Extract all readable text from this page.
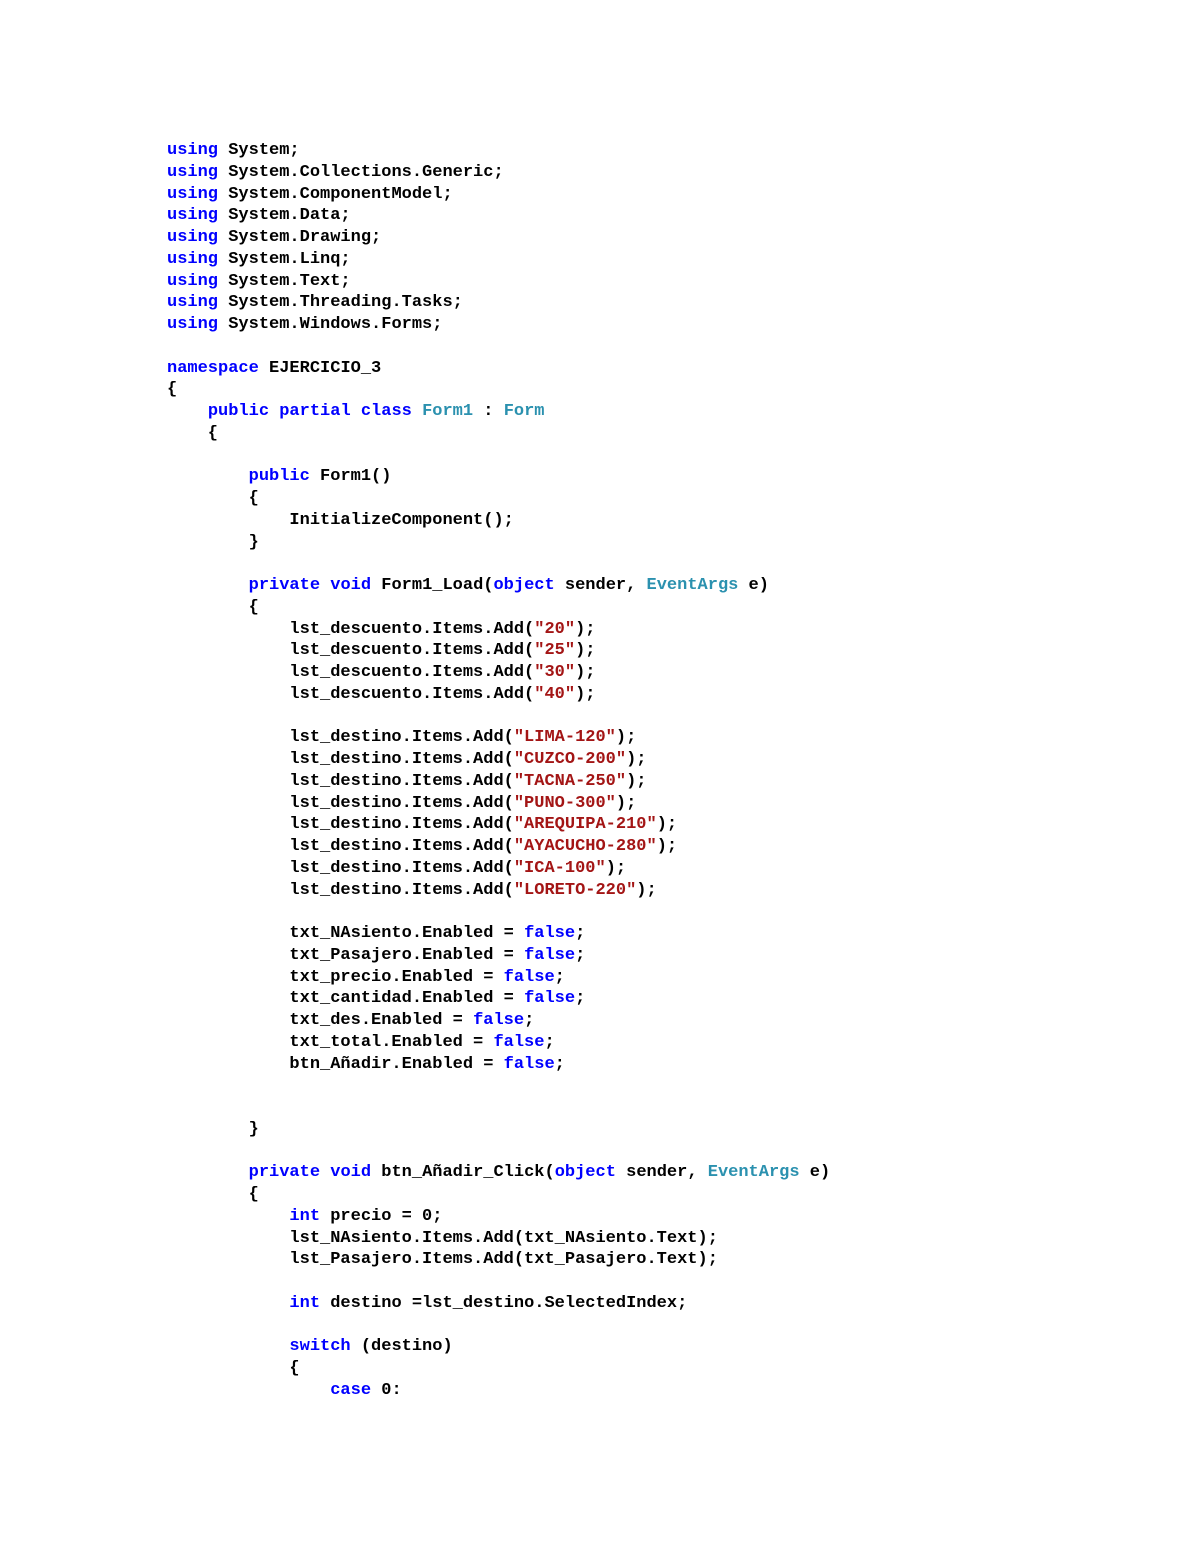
using System;
using System.Collections.Generic;
using System.ComponentModel;
using System.Data;
using System.Drawing;
using System.Linq;
using System.Text;
using System.Threading.Tasks;
using System.Windows.Forms;
namespace EJERCICIO_3
{
public partial class Form1 : Form
{
public Form1()
{
InitializeComponent();
}
private void Form1_Load(object sender, EventArgs e)
{
lst_descuento.Items.Add("20");
lst_descuento.Items.Add("25");
lst_descuento.Items.Add("30");
lst_descuento.Items.Add("40");
lst_destino.Items.Add("LIMA-120");
lst_destino.Items.Add("CUZCO-200");
lst_destino.Items.Add("TACNA-250");
lst_destino.Items.Add("PUNO-300");
lst_destino.Items.Add("AREQUIPA-210");
lst_destino.Items.Add("AYACUCHO-280");
lst_destino.Items.Add("ICA-100");
lst_destino.Items.Add("LORETO-220");
txt_NAsiento.Enabled = false;
txt_Pasajero.Enabled = false;
txt_precio.Enabled = false;
txt_cantidad.Enabled = false;
txt_des.Enabled = false;
txt_total.Enabled = false;
btn_Añadir.Enabled = false;
}
private void btn_Añadir_Click(object sender, EventArgs e)
{
int precio = 0;
lst_NAsiento.Items.Add(txt_NAsiento.Text);
lst_Pasajero.Items.Add(txt_Pasajero.Text);
int destino =lst_destino.SelectedIndex;
switch (destino)
{
case 0:
